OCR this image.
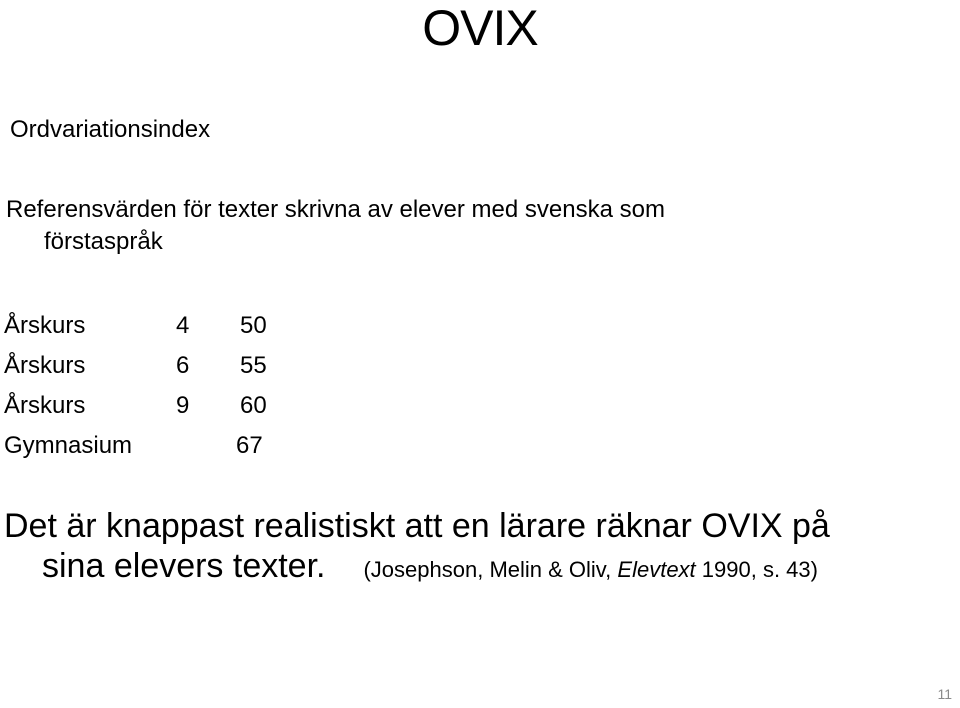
OVIX
Ordvariationsindex
Referensvärden för texter skrivna av elever med svenska som
förstaspråk
Årskurs	4 50
Årskurs	6 55
Årskurs	9 60
Gymnasium	67
Det är knappast realistiskt att en lärare räknar OVIX på
sina elevers texter. (Josephson, Melin & Oliv, Elevtext 1990, s. 43)
11
